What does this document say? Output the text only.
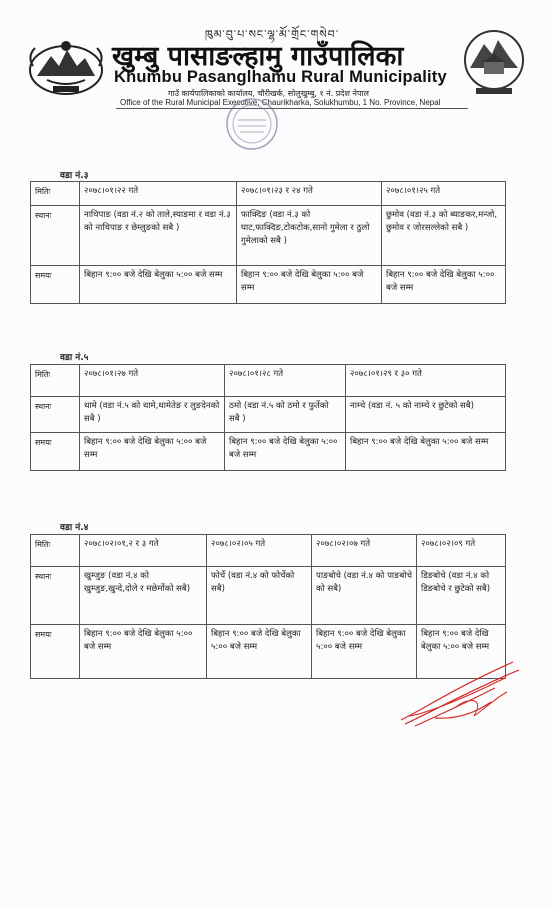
ཁུམ་བུ་པ་སང་ལྷ་མོ་གྲོང་གསེབ་
खुम्बु पासाङल्हामु गाउँपालिका
Khumbu Pasanglhamu Rural Municipality
गाउँ कार्यपालिकाको कार्यालय, चौरीखर्क, सोलुखुम्बु, १ नं. प्रदेश नेपाल
Office of the Rural Municipal Executive, Chaurikharka, Solukhumbu, 1 No. Province, Nepal
वडा नं.३
मितिः	२०७८।०१।२२ गते	२०७८।०१।२३ र २४ गते	२०७८।०१।२५ गते
स्थानः	नाचिपाङ (वडा नं.२ को ताले,स्याङमा र वडा नं.३ को नाचिपाङ र छेम्लुङको सबै )	फाक्दिङ (वडा नं.३ को घाट,फाक्दिङ,टोकटोक,सानो गुमेला र ठुलो गुमेलाको सबै )	छुमोव (वडा नं.३ को ब्याङकर,मन्जो, छुमोव र जोरसल्लेको सबै )
समयः	बिहान ९:०० बजे देखि बेलुका ५:०० बजे सम्म	बिहान ९:०० बजे देखि बेलुका ५:०० बजे सम्म	बिहान ९:०० बजे देखि बेलुका ५:०० बजे सम्म
वडा नं.५
मितिः	२०७८।०१।२७ गते	२०७८।०१।२८ गते	२०७८।०१।२९ र ३० गते
स्थानः	थामे (वडा नं.५ को थामे,थामेतेङ र लुङदेनको सबै )	ठमो (वडा नं.५ को ठमो र फुर्तेको सबै )	नाम्चे (वडा नं. ५ को नाम्चे र छुटेको सबै)
समयः	बिहान ९:०० बजे देखि बेलुका ५:०० बजे सम्म	बिहान ९:०० बजे देखि बेलुका ५:०० बजे सम्म	बिहान ९:०० बजे देखि बेलुका ५:०० बजे सम्म
वडा नं.४
मितिः	२०७८।०२।०१,२ र ३ गते	२०७८।०२।०५ गते	२०७८।०२।०७ गते	२०७८।०२।०९ गते
स्थानः	खुम्जुङ (वडा नं.४ को खुम्जुङ,खुन्दे,दोले र मछेर्मोको सबै)	फोर्चे (वडा नं.४ को फोर्चेको सबै)	पाङबोचे (वडा नं.४ को पाङबोचे को सबै)	डिङबोचे (वडा नं.४ को डिङबोचे र छुटेको सबै)
समयः	बिहान ९:०० बजे देखि बेलुका ५:०० बजे सम्म	बिहान ९:०० बजे देखि बेलुका ५:०० बजे सम्म	बिहान ९:०० बजे देखि बेलुका ५:०० बजे सम्म	बिहान ९:०० बजे देखि बेलुका ५:०० बजे सम्म
